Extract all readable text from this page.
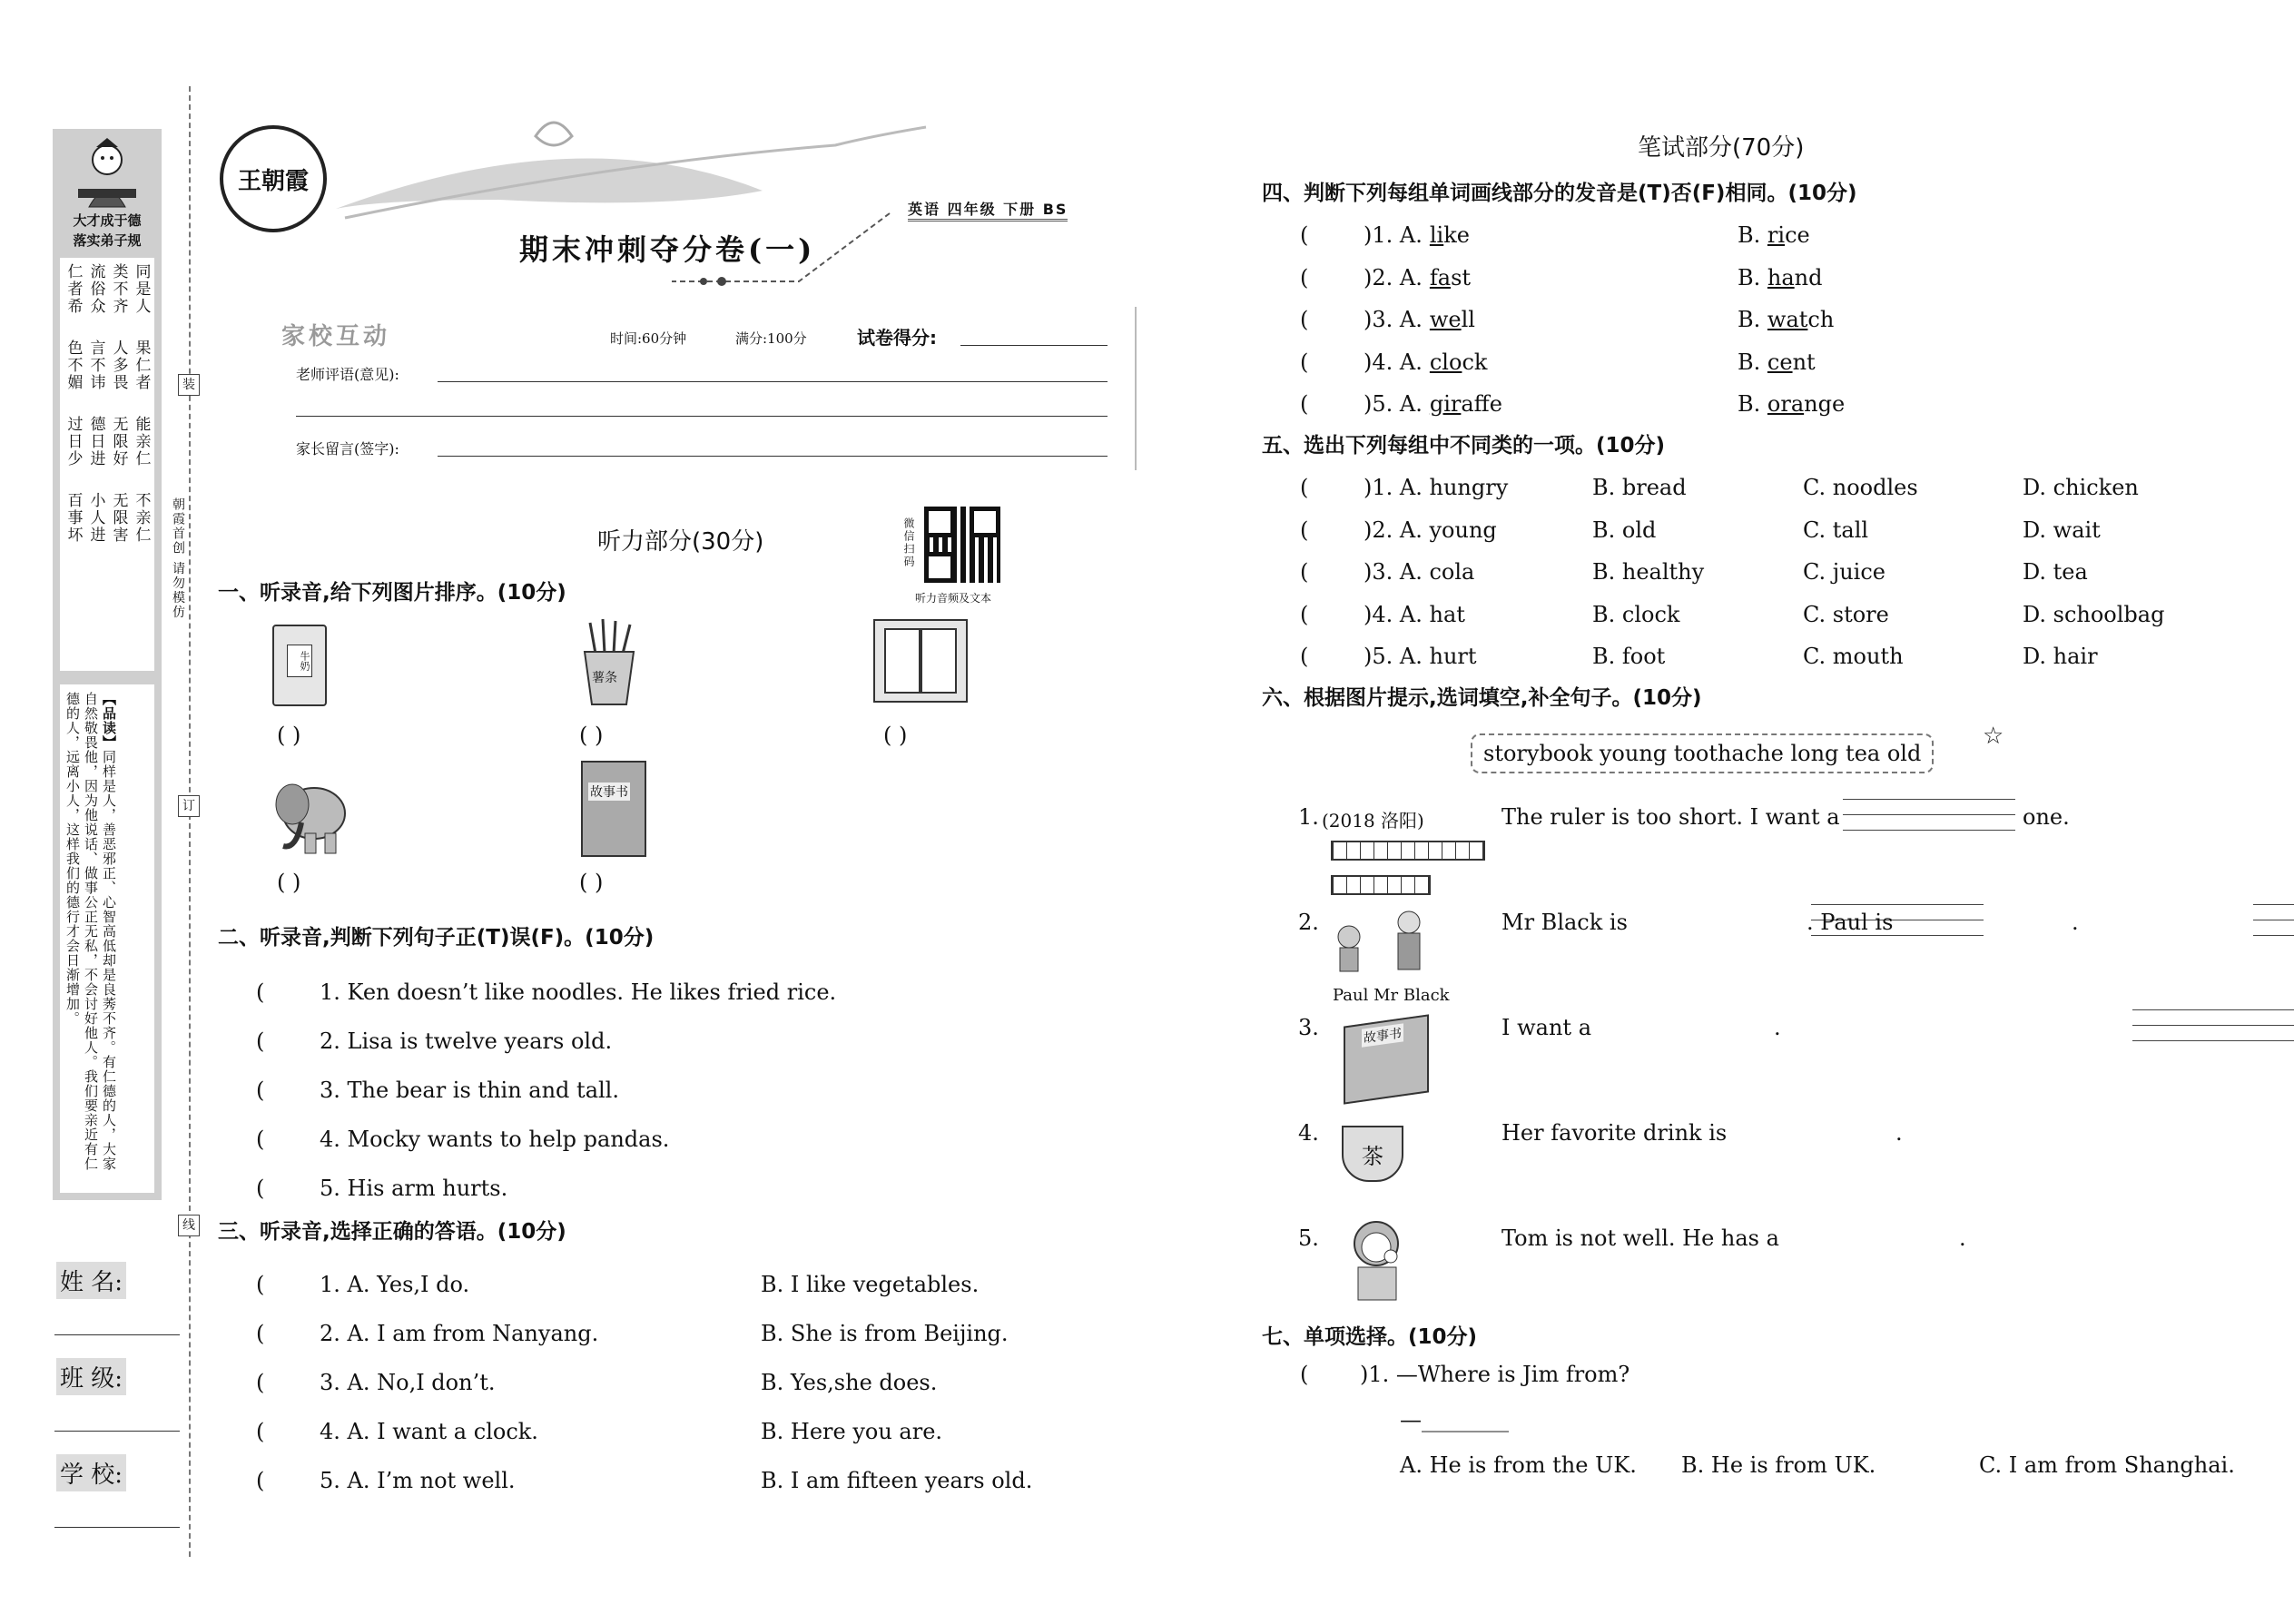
大才成于德
落实弟子规
同是人
类不齐
流俗众
仁者希
果仁者
人多畏
言不讳
色不媚
能亲仁
无限好
德日进
过日少
不亲仁
无限害
小人进
百事坏
【品读】同样是人，善恶邪正、心智高低却是良莠不齐。有仁德的人，大家自然敬畏他，因为他说话、做事公正无私，不会讨好他人。我们要亲近有仁德的人，远离小人，这样我们的德行才会日渐增加。
装
订
线
朝霞首创 请勿模仿
姓 名:
班 级:
学 校:
王朝霞
英语 四年级 下册 BS
期末冲刺夺分卷(一)
家校互动	时间:60分钟	满分:100分	试卷得分:
老师评语(意见):
家长留言(签字):
听力部分(30分)	微信扫码
听力音频及文本
一、听录音,给下列图片排序。(10分)
牛奶
薯条
故事书
( )	( )	( )
( )	( )
二、听录音,判断下列句子正(T)误(F)。(10分)
(	1. Ken doesn’t like noodles. He likes fried rice.
(	2. Lisa is twelve years old.
(	3. The bear is thin and tall.
(	4. Mocky wants to help pandas.
(	5. His arm hurts.
三、听录音,选择正确的答语。(10分)
(	1. A. Yes,I do.	B. I like vegetables.
(	2. A. I am from Nanyang.	B. She is from Beijing.
(	3. A. No,I don’t.	B. Yes,she does.
(	4. A. I want a clock.	B. Here you are.
(	5. A. I’m not well.	B. I am fifteen years old.
笔试部分(70分)
四、判断下列每组单词画线部分的发音是(T)否(F)相同。(10分)
(	)1. A. like	B. rice
(	)2. A. fast	B. hand
(	)3. A. well	B. watch
(	)4. A. clock	B. cent
(	)5. A. giraffe	B. orange
五、选出下列每组中不同类的一项。(10分)
(	)1. A. hungry	B. bread	C. noodles	D. chicken
(	)2. A. young	B. old	C. tall	D. wait
(	)3. A. cola	B. healthy	C. juice	D. tea
(	)4. A. hat	B. clock	C. store	D. schoolbag
(	)5. A. hurt	B. foot	C. mouth	D. hair
六、根据图片提示,选词填空,补全句子。(10分)
storybook young toothache long tea old
☆
1. (2018 洛阳)	The ruler is too short. I want a
	one.
2.
Paul Mr Black
Mr Black is
	. Paul is
	.
3.	故事书	I want a
	.
4.
茶
Her favorite drink is
	.
5.	Tom is not well. He has a	.
七、单项选择。(10分)
( )1. —Where is Jim from?
—________
A. He is from the UK. B. He is from UK.	C. I am from Shanghai.
